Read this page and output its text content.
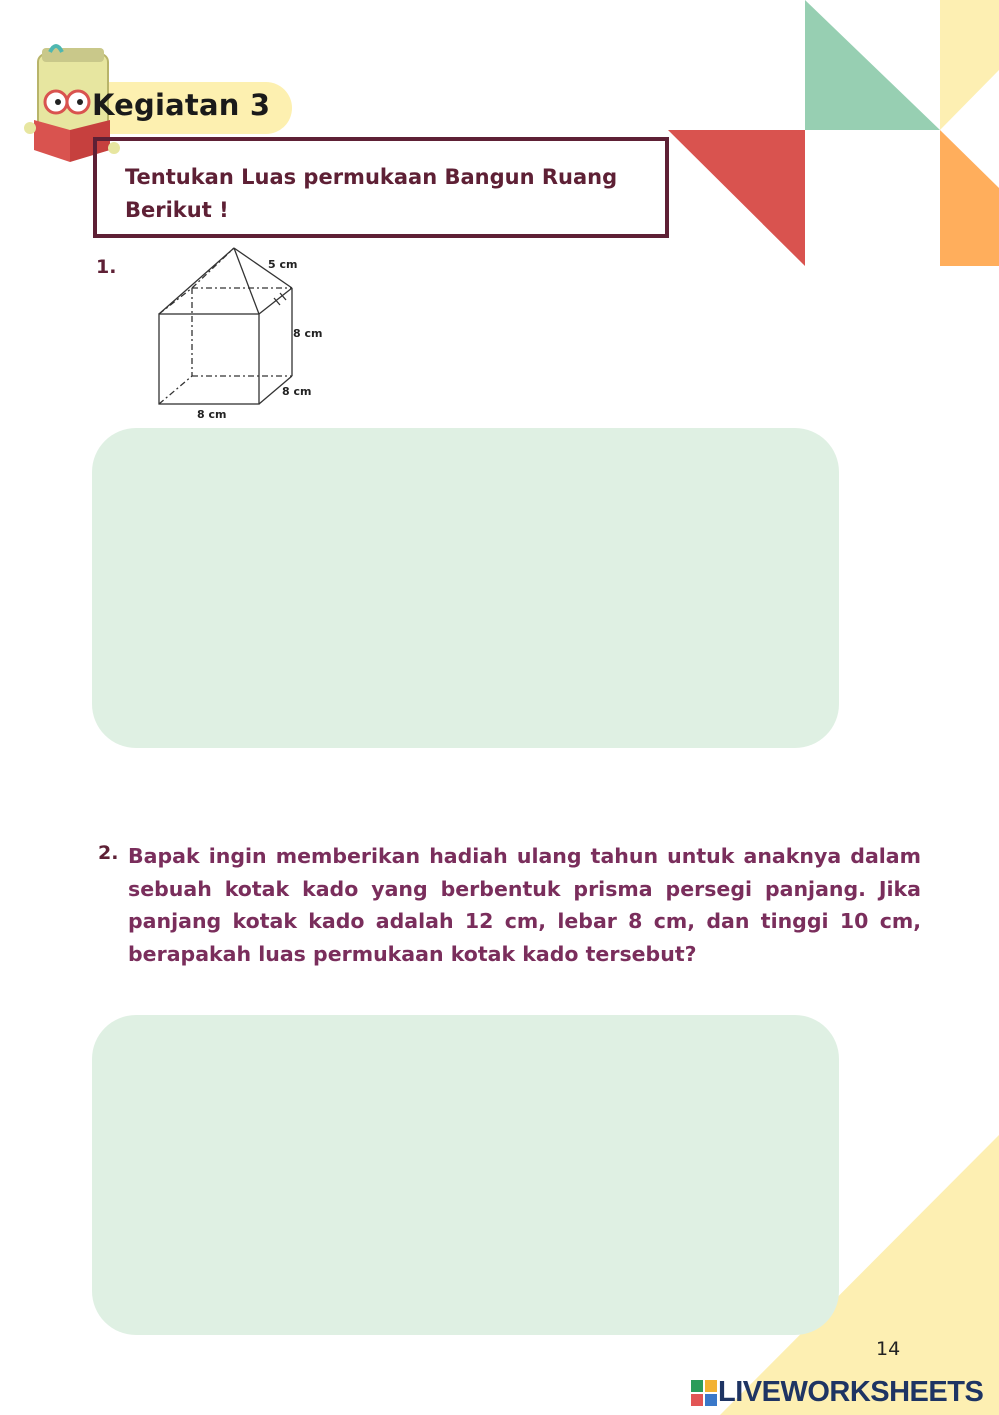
Kegiatan 3
Tentukan Luas permukaan Bangun Ruang Berikut !
1.	5 cm
8 cm
8 cm
8 cm
2. Bapak ingin memberikan hadiah ulang tahun untuk anaknya dalam sebuah kotak kado yang berbentuk prisma persegi panjang. Jika panjang kotak kado adalah 12 cm, lebar 8 cm, dan tinggi 10 cm, berapakah luas permukaan kotak kado tersebut?
14
LIVEWORKSHEETS
